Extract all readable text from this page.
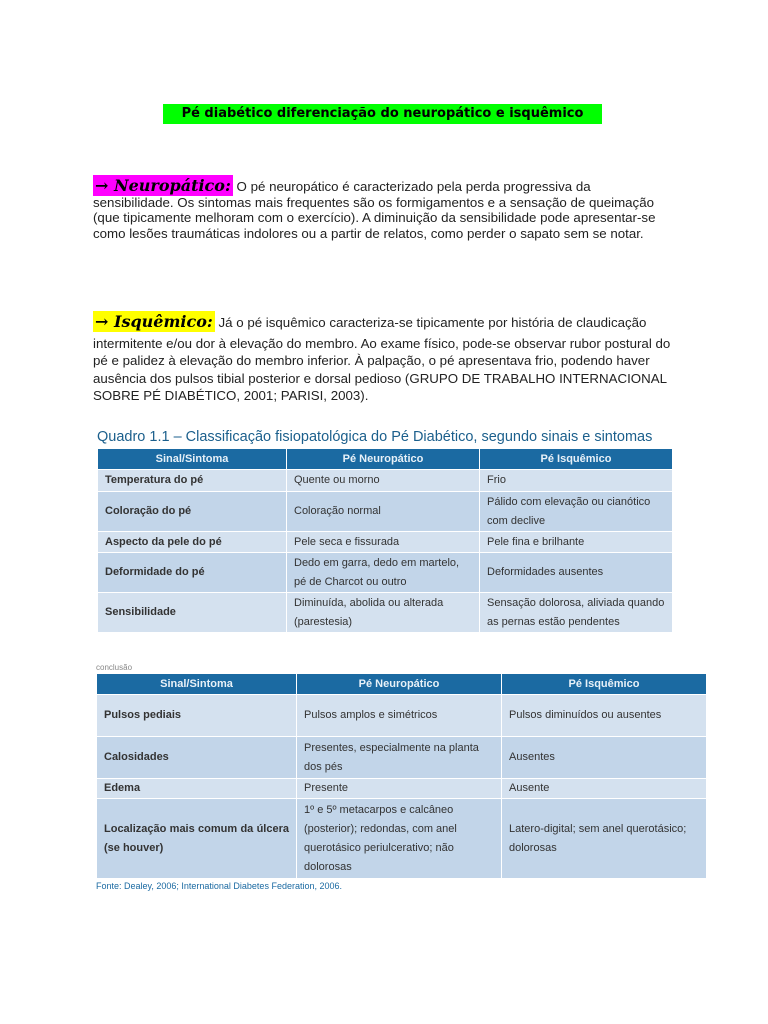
Pé diabético diferenciação do neuropático e isquêmico

→ Neuropático: O pé neuropático é caracterizado pela perda progressiva da

sensibilidade. Os sintomas mais frequentes são os formigamentos e a sensação de queimação (que tipicamente melhoram com o exercício). A diminuição da sensibilidade pode apresentar-se como lesões traumáticas indolores ou a partir de relatos, como perder o sapato sem se notar.

→ Isquêmico: Já o pé isquêmico caracteriza-se tipicamente por história de claudicação

intermitente e/ou dor à elevação do membro. Ao exame físico, pode-se observar rubor postural do pé e palidez à elevação do membro inferior. À palpação, o pé apresentava frio, podendo haver ausência dos pulsos tibial posterior e dorsal pedioso (GRUPO DE TRABALHO INTERNACIONAL SOBRE PÉ DIABÉTICO, 2001; PARISI, 2003).

Quadro 1.1 – Classificação fisiopatológica do Pé Diabético, segundo sinais e sintomas
Sinal/Sintoma	Pé Neuropático	Pé Isquêmico
Temperatura do pé	Quente ou morno	Frio
Coloração do pé	Coloração normal	Pálido com elevação ou cianótico com declive
Aspecto da pele do pé	Pele seca e fissurada	Pele fina e brilhante
Deformidade do pé	Dedo em garra, dedo em martelo, pé de Charcot ou outro	Deformidades ausentes
Sensibilidade	Diminuída, abolida ou alterada (parestesia)	Sensação dolorosa, aliviada quando as pernas estão pendentes
conclusão
Sinal/Sintoma	Pé Neuropático	Pé Isquêmico
Pulsos pediais	Pulsos amplos e simétricos	Pulsos diminuídos ou ausentes
Calosidades	Presentes, especialmente na planta dos pés	Ausentes
Edema	Presente	Ausente
Localização mais comum da úlcera (se houver)	1º e 5º metacarpos e calcâneo (posterior); redondas, com anel querotásico periulcerativo; não dolorosas	Latero-digital; sem anel querotásico; dolorosas
Fonte: Dealey, 2006; International Diabetes Federation, 2006.
